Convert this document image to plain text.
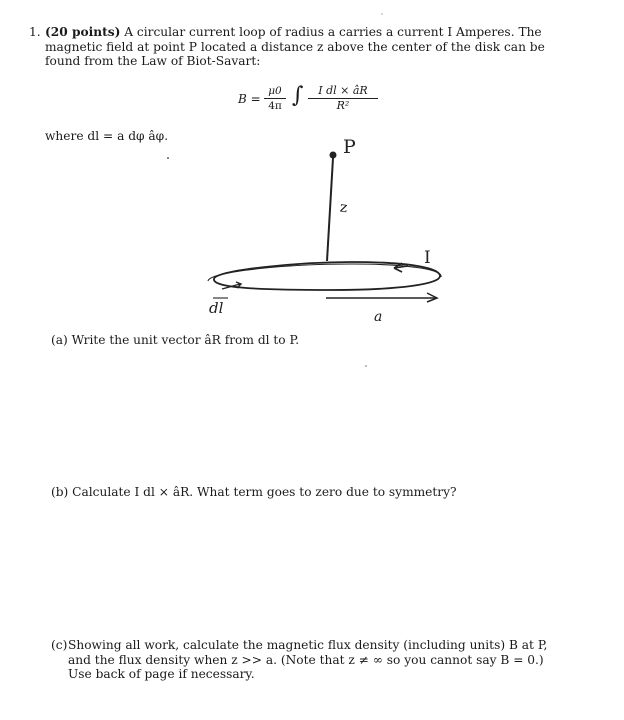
1. (20 points) A circular current loop of radius a carries a current I Amperes. The magnetic field at point P located a distance z above the center of the disk can be found from the Law of Biot-Savart:
B =
μ0
4π ∫	I dl × âR
R²
where dl = a dφ âφ.	P
z
I
dl	a
(a) Write the unit vector âR from dl to P.
(b) Calculate I dl × âR. What term goes to zero due to symmetry?
(c) Showing all work, calculate the magnetic flux density (including units) B at P, and the flux density when z >> a. (Note that z ≠ ∞ so you cannot say B = 0.) Use back of page if necessary.
